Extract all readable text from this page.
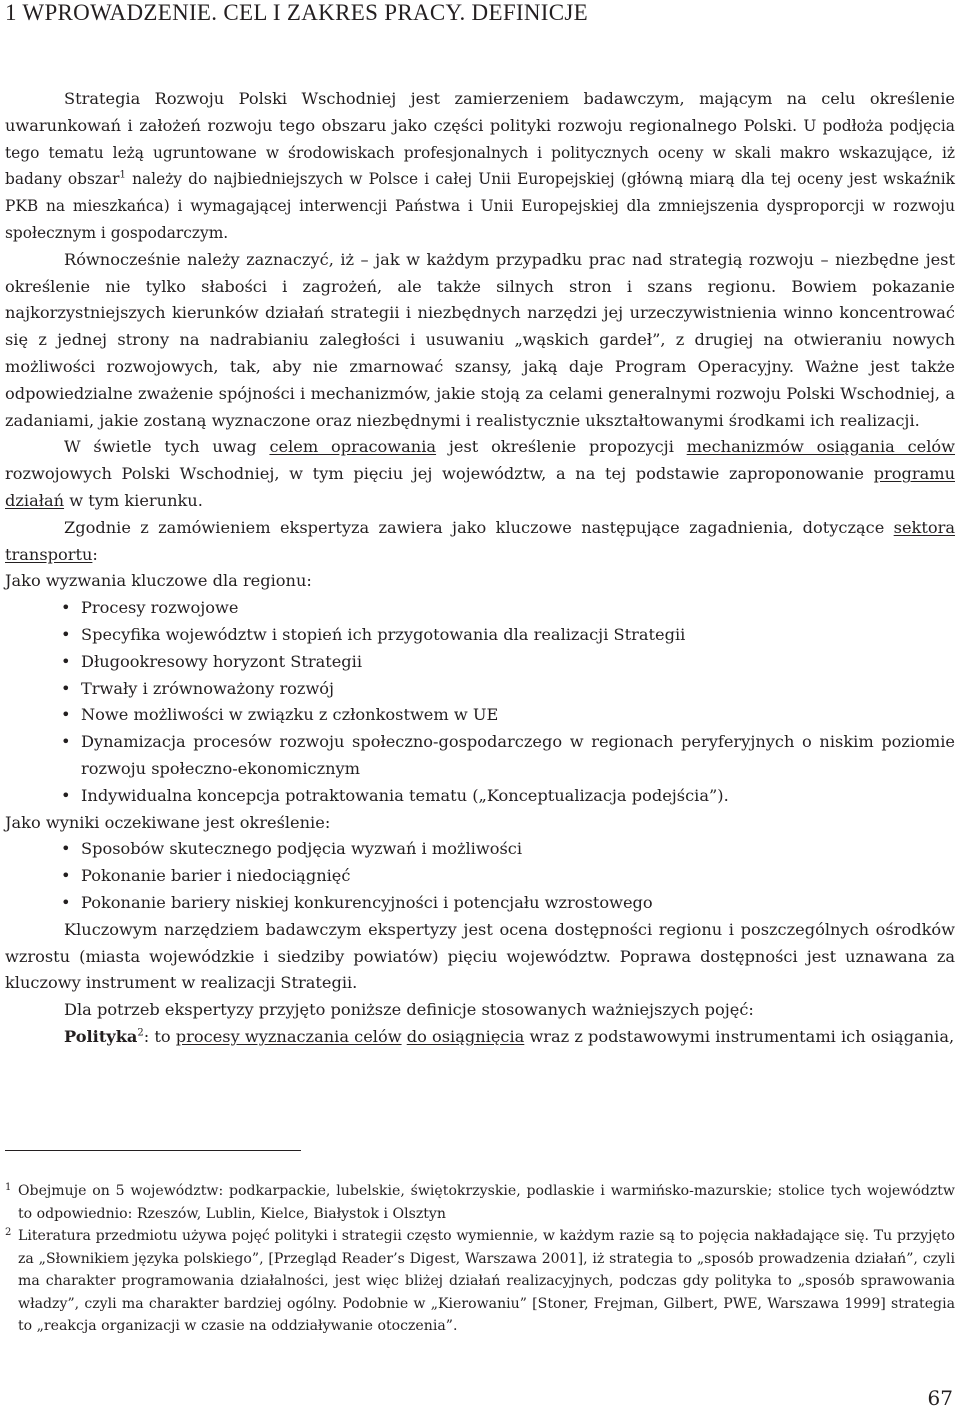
1 WPROWADZENIE. CEL I ZAKRES PRACY. DEFINICJE

Strategia Rozwoju Polski Wschodniej jest zamierzeniem badawczym, mającym na celu określenie uwarunkowań i założeń rozwoju tego obszaru jako części polityki rozwoju regionalnego Polski. U podłoża podjęcia tego tematu leżą ugruntowane w środowiskach profesjonalnych i politycznych oceny w skali makro wskazujące, iż badany obszar$^1$ należy do najbiedniejszych w Polsce i całej Unii Europejskiej (główną miarą dla tej oceny jest wskaźnik PKB na mieszkańca) i wymagającej interwencji Państwa i Unii Europejskiej dla zmniejszenia dysproporcji w rozwoju społecznym i gospodarczym.

Równocześnie należy zaznaczyć, iż – jak w każdym przypadku prac nad strategią rozwoju – niezbędne jest określenie nie tylko słabości i zagrożeń, ale także silnych stron i szans regionu. Bowiem pokazanie najkorzystniejszych kierunków działań strategii i niezbędnych narzędzi jej urzeczywistnienia winno koncentrować się z jednej strony na nadrabianiu zaległości i usuwaniu „wąskich gardeł”, z drugiej na otwieraniu nowych możliwości rozwojowych, tak, aby nie zmarnować szansy, jaką daje Program Operacyjny. Ważne jest także odpowiedzialne zważenie spójności i mechanizmów, jakie stoją za celami generalnymi rozwoju Polski Wschodniej, a zadaniami, jakie zostaną wyznaczone oraz niezbędnymi i realistycznie ukształtowanymi środkami ich realizacji.

W świetle tych uwag celem opracowania jest określenie propozycji mechanizmów osiągania celów rozwojowych Polski Wschodniej, w tym pięciu jej województw, a na tej podstawie zaproponowanie programu działań w tym kierunku.

Zgodnie z zamówieniem ekspertyza zawiera jako kluczowe następujące zagadnienia, dotyczące sektora transportu:

Jako wyzwania kluczowe dla regionu:

• Procesy rozwojowe
• Specyfika województw i stopień ich przygotowania dla realizacji Strategii
• Długookresowy horyzont Strategii
• Trwały i zrównoważony rozwój
• Nowe możliwości w związku z członkostwem w UE
• Dynamizacja procesów rozwoju społeczno-gospodarczego w regionach peryferyjnych o niskim poziomie rozwoju społeczno-ekonomicznym
• Indywidualna koncepcja potraktowania tematu („Konceptualizacja podejścia”).

Jako wyniki oczekiwane jest określenie:

• Sposobów skutecznego podjęcia wyzwań i możliwości
• Pokonanie barier i niedociągnięć
• Pokonanie bariery niskiej konkurencyjności i potencjału wzrostowego

Kluczowym narzędziem badawczym ekspertyzy jest ocena dostępności regionu i poszczególnych ośrodków wzrostu (miasta wojewódzkie i siedziby powiatów) pięciu województw. Poprawa dostępności jest uznawana za kluczowy instrument w realizacji Strategii.

Dla potrzeb ekspertyzy przyjęto poniższe definicje stosowanych ważniejszych pojęć:

Polityka$^2$: to procesy wyznaczania celów do osiągnięcia wraz z podstawowymi instrumentami ich osiągania,

1 Obejmuje on 5 województw: podkarpackie, lubelskie, świętokrzyskie, podlaskie i warmińsko-mazurskie; stolice tych województw to odpowiednio: Rzeszów, Lublin, Kielce, Białystok i Olsztyn

2 Literatura przedmiotu używa pojęć polityki i strategii często wymiennie, w każdym razie są to pojęcia nakładające się. Tu przyjęto za „Słownikiem języka polskiego”, [Przegląd Reader’s Digest, Warszawa 2001], iż strategia to „sposób prowadzenia działań”, czyli ma charakter programowania działalności, jest więc bliżej działań realizacyjnych, podczas gdy polityka to „sposób sprawowania władzy”, czyli ma charakter bardziej ogólny. Podobnie w „Kierowaniu” [Stoner, Frejman, Gilbert, PWE, Warszawa 1999] strategia to „reakcja organizacji w czasie na oddziaływanie otoczenia”.

67
